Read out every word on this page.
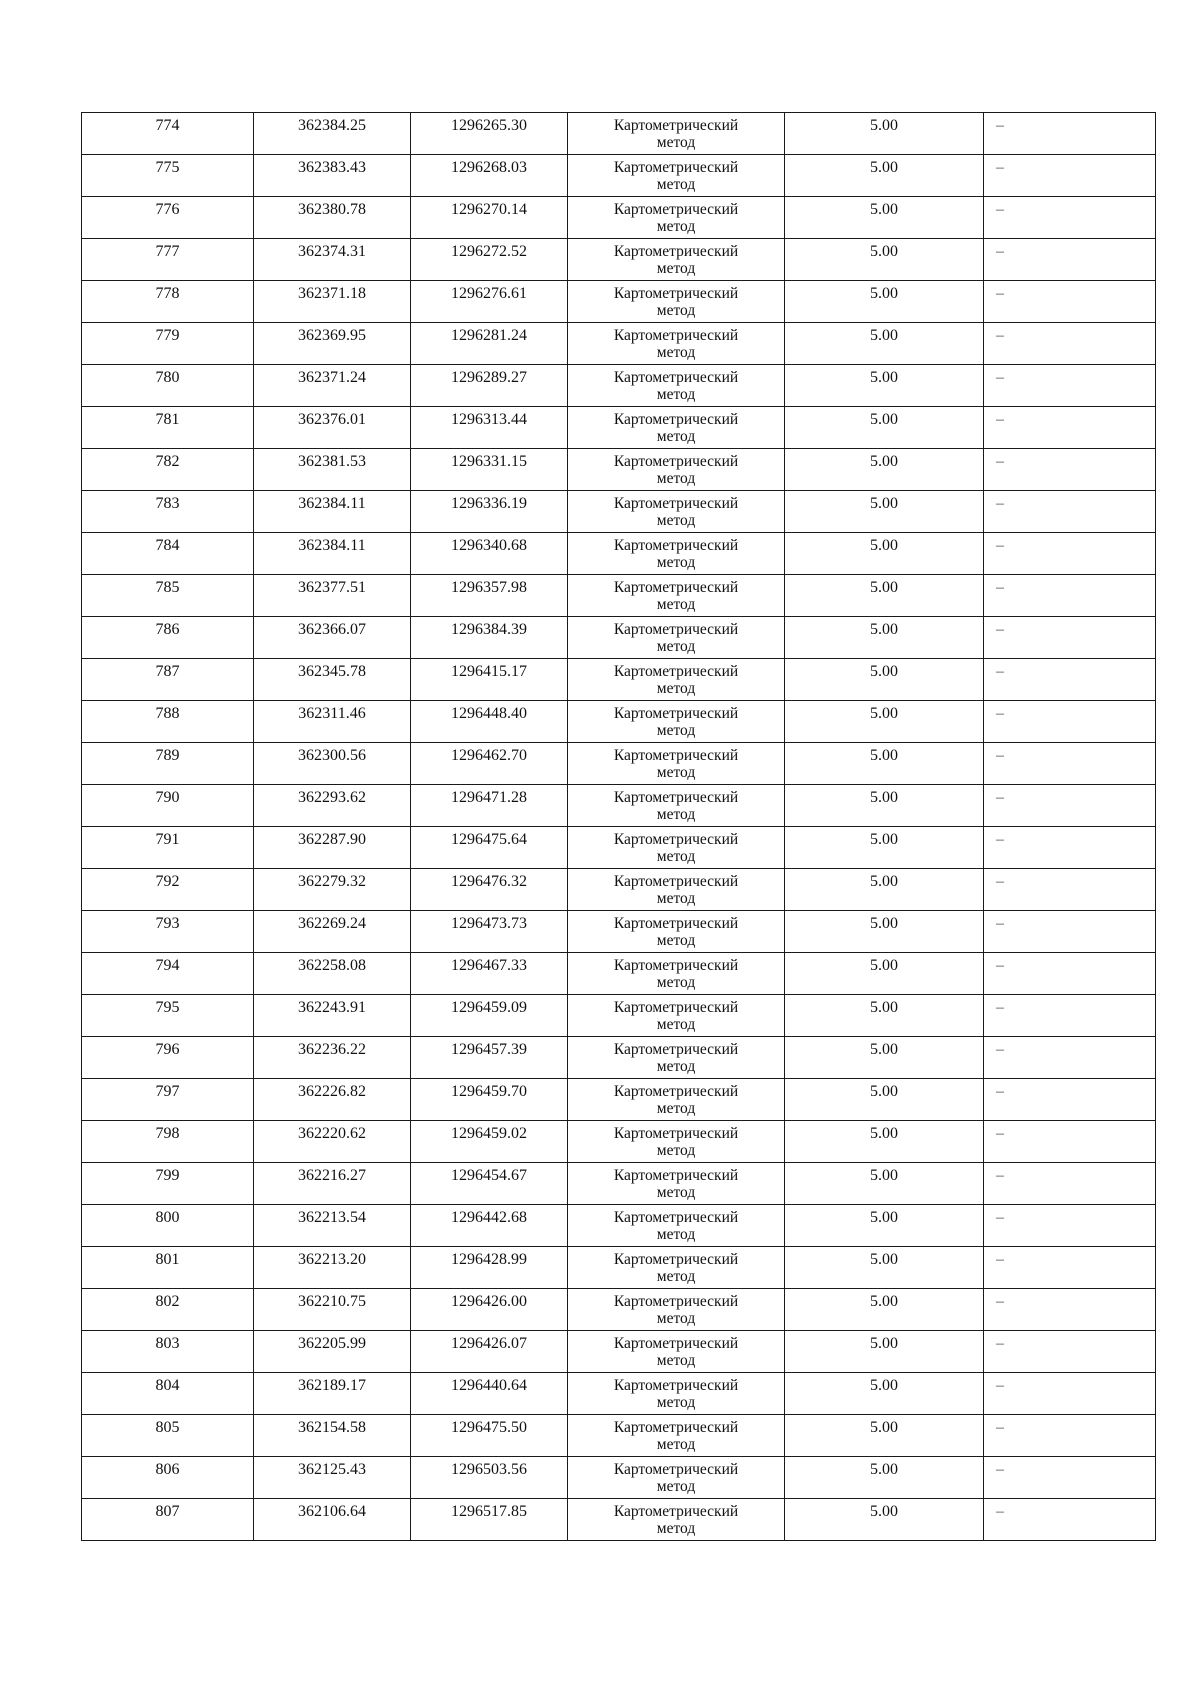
774	362384.25	1296265.30	Картометрический
метод	5.00	–
775	362383.43	1296268.03	Картометрический
метод	5.00	–
776	362380.78	1296270.14	Картометрический
метод	5.00	–
777	362374.31	1296272.52	Картометрический
метод	5.00	–
778	362371.18	1296276.61	Картометрический
метод	5.00	–
779	362369.95	1296281.24	Картометрический
метод	5.00	–
780	362371.24	1296289.27	Картометрический
метод	5.00	–
781	362376.01	1296313.44	Картометрический
метод	5.00	–
782	362381.53	1296331.15	Картометрический
метод	5.00	–
783	362384.11	1296336.19	Картометрический
метод	5.00	–
784	362384.11	1296340.68	Картометрический
метод	5.00	–
785	362377.51	1296357.98	Картометрический
метод	5.00	–
786	362366.07	1296384.39	Картометрический
метод	5.00	–
787	362345.78	1296415.17	Картометрический
метод	5.00	–
788	362311.46	1296448.40	Картометрический
метод	5.00	–
789	362300.56	1296462.70	Картометрический
метод	5.00	–
790	362293.62	1296471.28	Картометрический
метод	5.00	–
791	362287.90	1296475.64	Картометрический
метод	5.00	–
792	362279.32	1296476.32	Картометрический
метод	5.00	–
793	362269.24	1296473.73	Картометрический
метод	5.00	–
794	362258.08	1296467.33	Картометрический
метод	5.00	–
795	362243.91	1296459.09	Картометрический
метод	5.00	–
796	362236.22	1296457.39	Картометрический
метод	5.00	–
797	362226.82	1296459.70	Картометрический
метод	5.00	–
798	362220.62	1296459.02	Картометрический
метод	5.00	–
799	362216.27	1296454.67	Картометрический
метод	5.00	–
800	362213.54	1296442.68	Картометрический
метод	5.00	–
801	362213.20	1296428.99	Картометрический
метод	5.00	–
802	362210.75	1296426.00	Картометрический
метод	5.00	–
803	362205.99	1296426.07	Картометрический
метод	5.00	–
804	362189.17	1296440.64	Картометрический
метод	5.00	–
805	362154.58	1296475.50	Картометрический
метод	5.00	–
806	362125.43	1296503.56	Картометрический
метод	5.00	–
807	362106.64	1296517.85	Картометрический
метод	5.00	–
